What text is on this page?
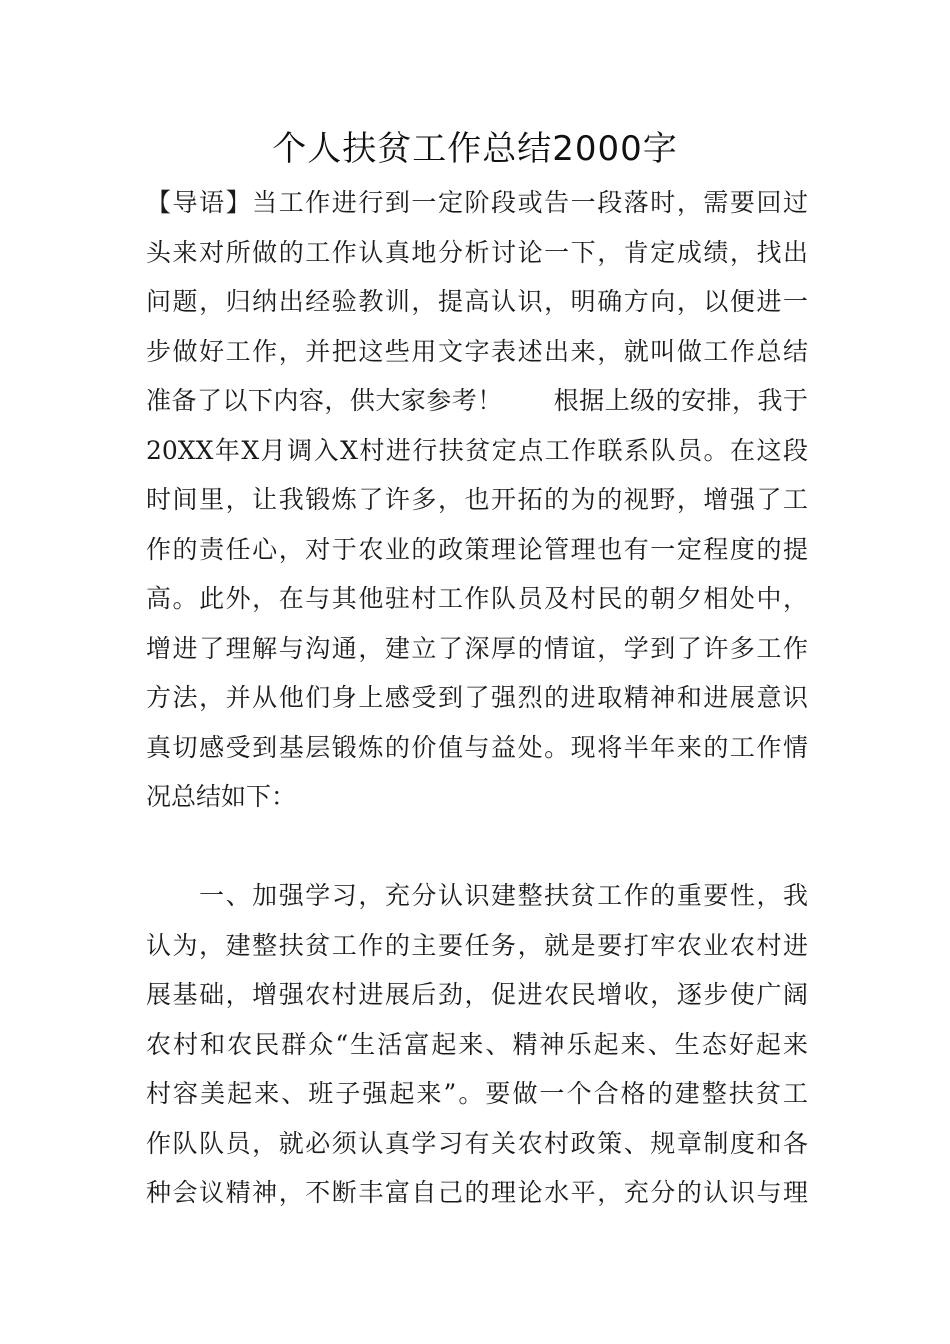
个人扶贫工作总结2000字
【导语】当工作进行到一定阶段或告一段落时，需要回过
头来对所做的工作认真地分析讨论一下，肯定成绩，找出
问题，归纳出经验教训，提高认识，明确方向，以便进一
步做好工作，并把这些用文字表述出来，就叫做工作总结
准备了以下内容，供大家参考！　　根据上级的安排，我于
20XX年X月调入X村进行扶贫定点工作联系队员。在这段
时间里，让我锻炼了许多，也开拓的为的视野，增强了工
作的责任心，对于农业的政策理论管理也有一定程度的提
高。此外，在与其他驻村工作队员及村民的朝夕相处中，
增进了理解与沟通，建立了深厚的情谊，学到了许多工作
方法，并从他们身上感受到了强烈的进取精神和进展意识
真切感受到基层锻炼的价值与益处。现将半年来的工作情
况总结如下：
　　一、加强学习，充分认识建整扶贫工作的重要性，我
认为，建整扶贫工作的主要任务，就是要打牢农业农村进
展基础，增强农村进展后劲，促进农民增收，逐步使广阔
农村和农民群众“生活富起来、精神乐起来、生态好起来
村容美起来、班子强起来”。要做一个合格的建整扶贫工
作队队员，就必须认真学习有关农村政策、规章制度和各
种会议精神，不断丰富自己的理论水平，充分的认识与理
